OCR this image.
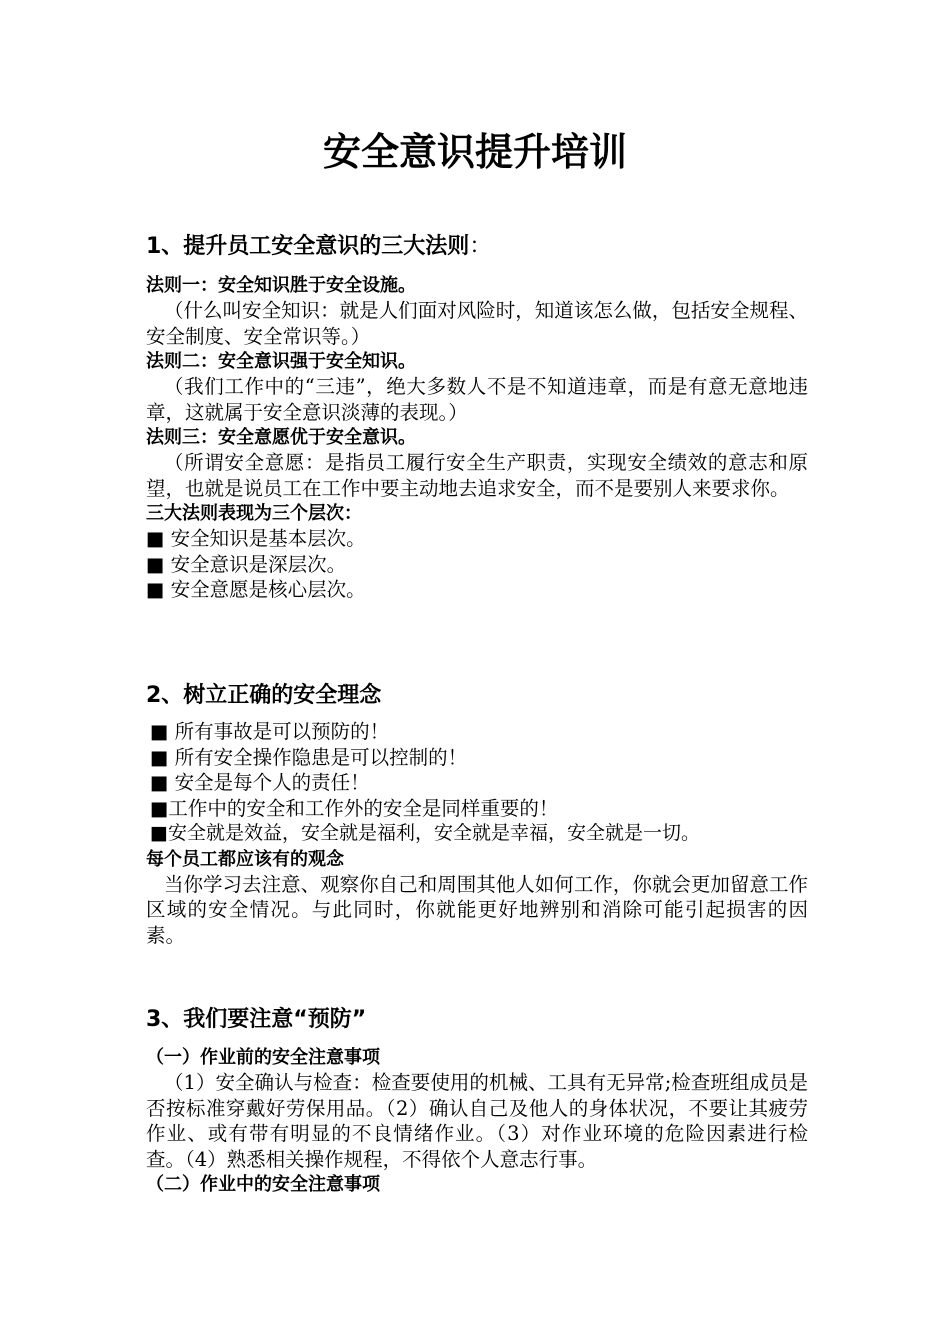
安全意识提升培训
1、提升员工安全意识的三大法则：

法则一：安全知识胜于安全设施。

（什么叫安全知识：就是人们面对风险时，知道该怎么做，包括安全规程、安全制度、安全常识等。）

法则二：安全意识强于安全知识。

（我们工作中的“三违”，绝大多数人不是不知道违章，而是有意无意地违章，这就属于安全意识淡薄的表现。）

法则三：安全意愿优于安全意识。

（所谓安全意愿：是指员工履行安全生产职责，实现安全绩效的意志和原望，也就是说员工在工作中要主动地去追求安全，而不是要别人来要求你。

三大法则表现为三个层次：

■ 安全知识是基本层次。

■ 安全意识是深层次。

■ 安全意愿是核心层次。

2、树立正确的安全理念

■ 所有事故是可以预防的！

■ 所有安全操作隐患是可以控制的！

■ 安全是每个人的责任！

■工作中的安全和工作外的安全是同样重要的！

■安全就是效益，安全就是福利，安全就是幸福，安全就是一切。

每个员工都应该有的观念

当你学习去注意、观察你自己和周围其他人如何工作，你就会更加留意工作区域的安全情况。与此同时，你就能更好地辨别和消除可能引起损害的因素。

3、我们要注意“预防”

（一）作业前的安全注意事项

（1）安全确认与检查：检查要使用的机械、工具有无异常;检查班组成员是否按标准穿戴好劳保用品。（2）确认自己及他人的身体状况，不要让其疲劳作业、或有带有明显的不良情绪作业。（3）对作业环境的危险因素进行检查。（4）熟悉相关操作规程，不得依个人意志行事。

（二）作业中的安全注意事项
